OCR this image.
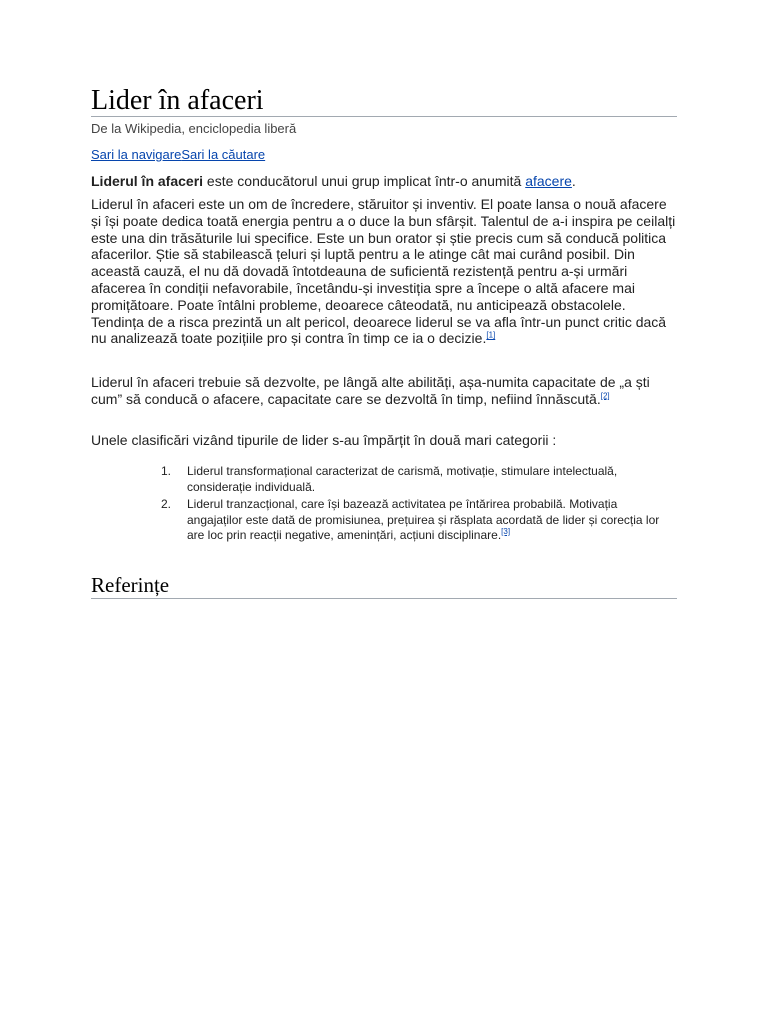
Lider în afaceri
De la Wikipedia, enciclopedia liberă
Sari la navigareSari la căutare

Liderul în afaceri este conducătorul unui grup implicat într-o anumită afacere.

Liderul în afaceri este un om de încredere, stăruitor și inventiv. El poate lansa o nouă afacere și își poate dedica toată energia pentru a o duce la bun sfârșit. Talentul de a-i inspira pe ceilalți este una din trăsăturile lui specifice. Este un bun orator și știe precis cum să conducă politica afacerilor. Știe să stabilească țeluri și luptă pentru a le atinge cât mai curând posibil. Din această cauză, el nu dă dovadă întotdeauna de suficientă rezistență pentru a-și urmări afacerea în condiții nefavorabile, încetându-și investiția spre a începe o altă afacere mai promițătoare. Poate întâlni probleme, deoarece câteodată, nu anticipează obstacolele. Tendința de a risca prezintă un alt pericol, deoarece liderul se va afla într-un punct critic dacă nu analizează toate pozițiile pro și contra în timp ce ia o decizie.[1]

Liderul în afaceri trebuie să dezvolte, pe lângă alte abilități, așa-numita capacitate de „a ști cum” să conducă o afacere, capacitate care se dezvoltă în timp, nefiind înnăscută.[2]

Unele clasificări vizând tipurile de lider s-au împărțit în două mari categorii :

1. Liderul transformațional caracterizat de carismă, motivație, stimulare intelectuală, considerație individuală.
2. Liderul tranzacțional, care își bazează activitatea pe întărirea probabilă. Motivația angajaților este dată de promisiunea, prețuirea și răsplata acordată de lider și corecția lor are loc prin reacții negative, amenințări, acțiuni disciplinare.[3]
Referințe
